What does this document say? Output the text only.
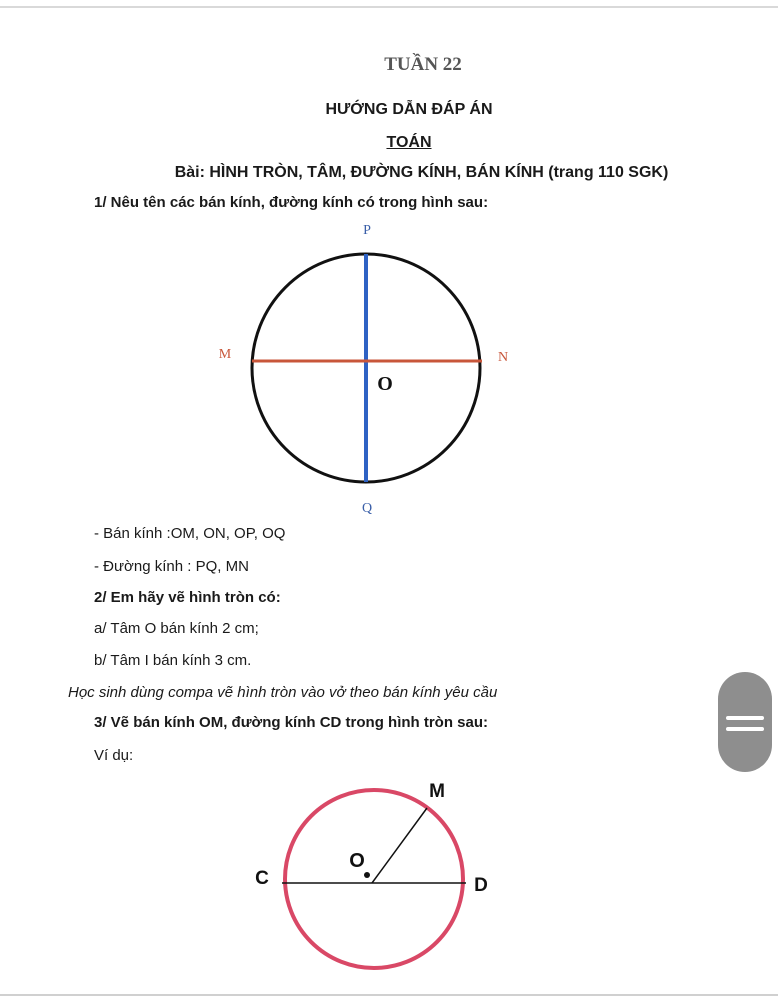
TUẦN 22
HƯỚNG DẪN ĐÁP ÁN
TOÁN
Bài: HÌNH TRÒN, TÂM, ĐƯỜNG KÍNH, BÁN KÍNH (trang 110 SGK)
1/ Nêu tên các bán kính, đường kính có trong hình sau:
P
Q
M	N
O
M
O
C	D
- Bán kính :OM, ON, OP, OQ
- Đường kính : PQ, MN
2/ Em hãy vẽ hình tròn có:
a/ Tâm O bán kính 2 cm;
b/ Tâm I bán kính 3 cm.
Học sinh dùng compa vẽ hình tròn vào vở theo bán kính yêu cầu
3/ Vẽ bán kính OM, đường kính CD trong hình tròn sau:
Ví dụ:
